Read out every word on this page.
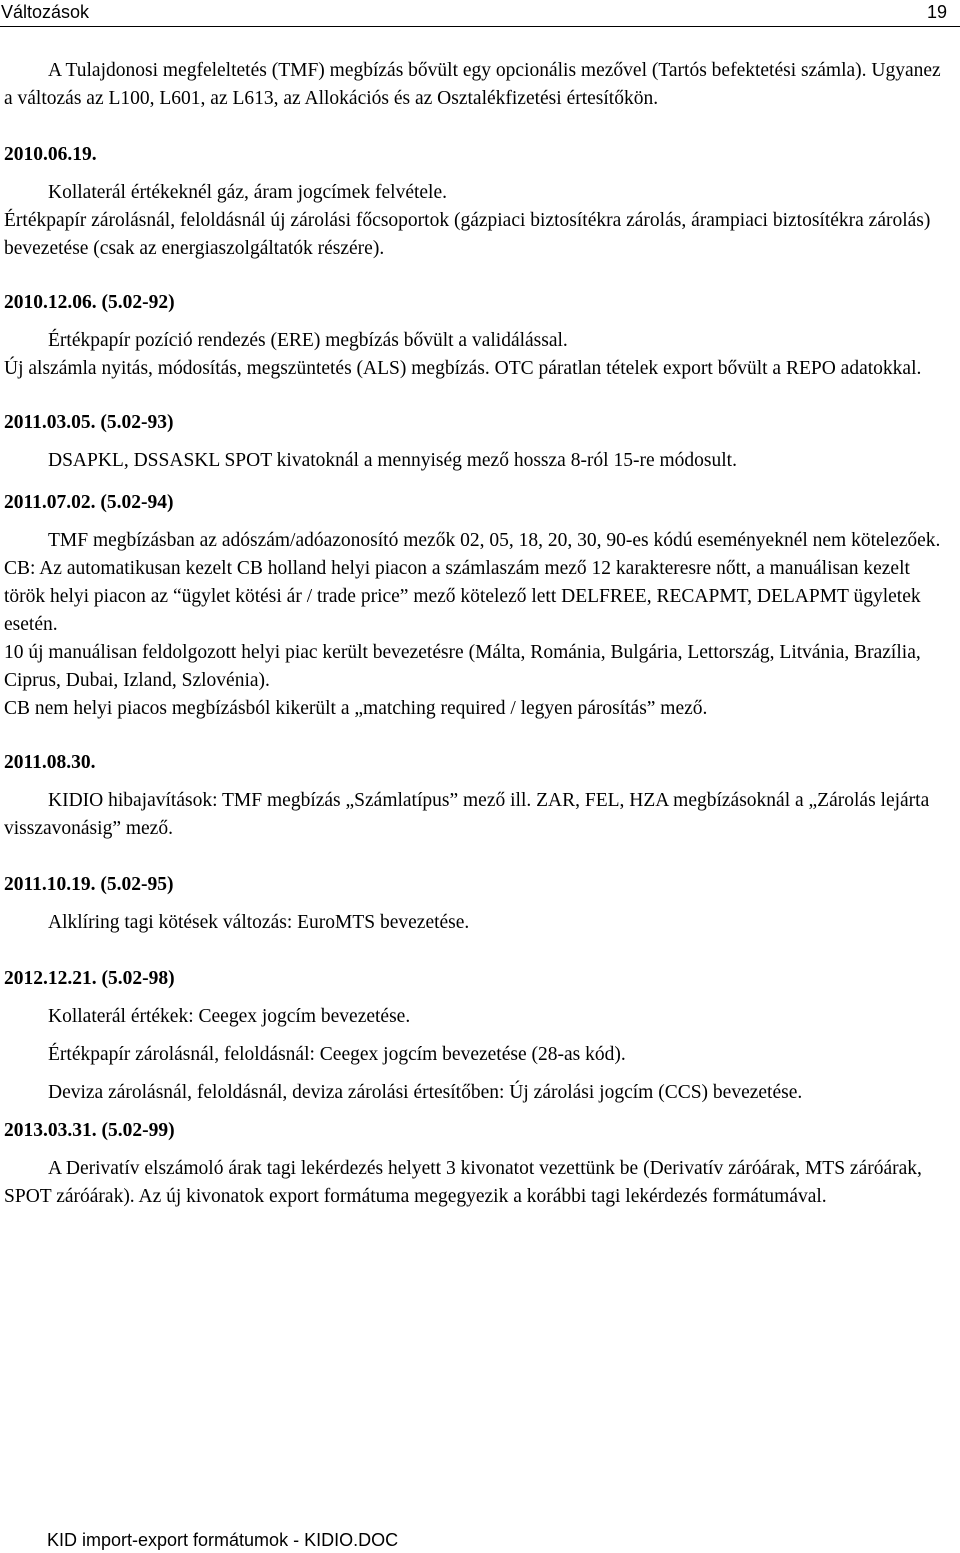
Változások	19

A Tulajdonosi megfeleltetés (TMF) megbízás bővült egy opcionális mezővel (Tartós befektetési számla). Ugyanez a változás az L100, L601, az L613, az Allokációs és az Osztalékfizetési értesítőkön.

2010.06.19.

Kollaterál értékeknél gáz, áram jogcímek felvétele.

Értékpapír zárolásnál, feloldásnál új zárolási főcsoportok (gázpiaci biztosítékra zárolás, árampiaci biztosítékra zárolás) bevezetése (csak az energiaszolgáltatók részére).

2010.12.06. (5.02-92)

Értékpapír pozíció rendezés (ERE) megbízás bővült a validálással.

Új alszámla nyitás, módosítás, megszüntetés (ALS) megbízás. OTC páratlan tételek export bővült a REPO adatokkal.

2011.03.05. (5.02-93)

DSAPKL, DSSASKL SPOT kivatoknál a mennyiség mező hossza 8-ról 15-re módosult.

2011.07.02. (5.02-94)

TMF megbízásban az adószám/adóazonosító mezők 02, 05, 18, 20, 30, 90-es kódú eseményeknél nem kötelezőek.

CB: Az automatikusan kezelt CB holland helyi piacon a számlaszám mező 12 karakteresre nőtt, a manuálisan kezelt török helyi piacon az “ügylet kötési ár / trade price” mező kötelező lett DELFREE, RECAPMT, DELAPMT ügyletek esetén.

10 új manuálisan feldolgozott helyi piac került bevezetésre (Málta, Románia, Bulgária, Lettország, Litvánia, Brazília, Ciprus, Dubai, Izland, Szlovénia).

CB nem helyi piacos megbízásból kikerült a „matching required / legyen párosítás” mező.

2011.08.30.

KIDIO hibajavítások: TMF megbízás „Számlatípus” mező ill. ZAR, FEL, HZA megbízásoknál a „Zárolás lejárta visszavonásig” mező.

2011.10.19. (5.02-95)

Alklíring tagi kötések változás: EuroMTS bevezetése.

2012.12.21. (5.02-98)

Kollaterál értékek: Ceegex jogcím bevezetése.

Értékpapír zárolásnál, feloldásnál: Ceegex jogcím bevezetése (28-as kód).

Deviza zárolásnál, feloldásnál, deviza zárolási értesítőben: Új zárolási jogcím (CCS) bevezetése.

2013.03.31. (5.02-99)

A Derivatív elszámoló árak tagi lekérdezés helyett 3 kivonatot vezettünk be (Derivatív záróárak, MTS záróárak, SPOT záróárak). Az új kivonatok export formátuma megegyezik a korábbi tagi lekérdezés formátumával.

KID import-export formátumok - KIDIO.DOC
